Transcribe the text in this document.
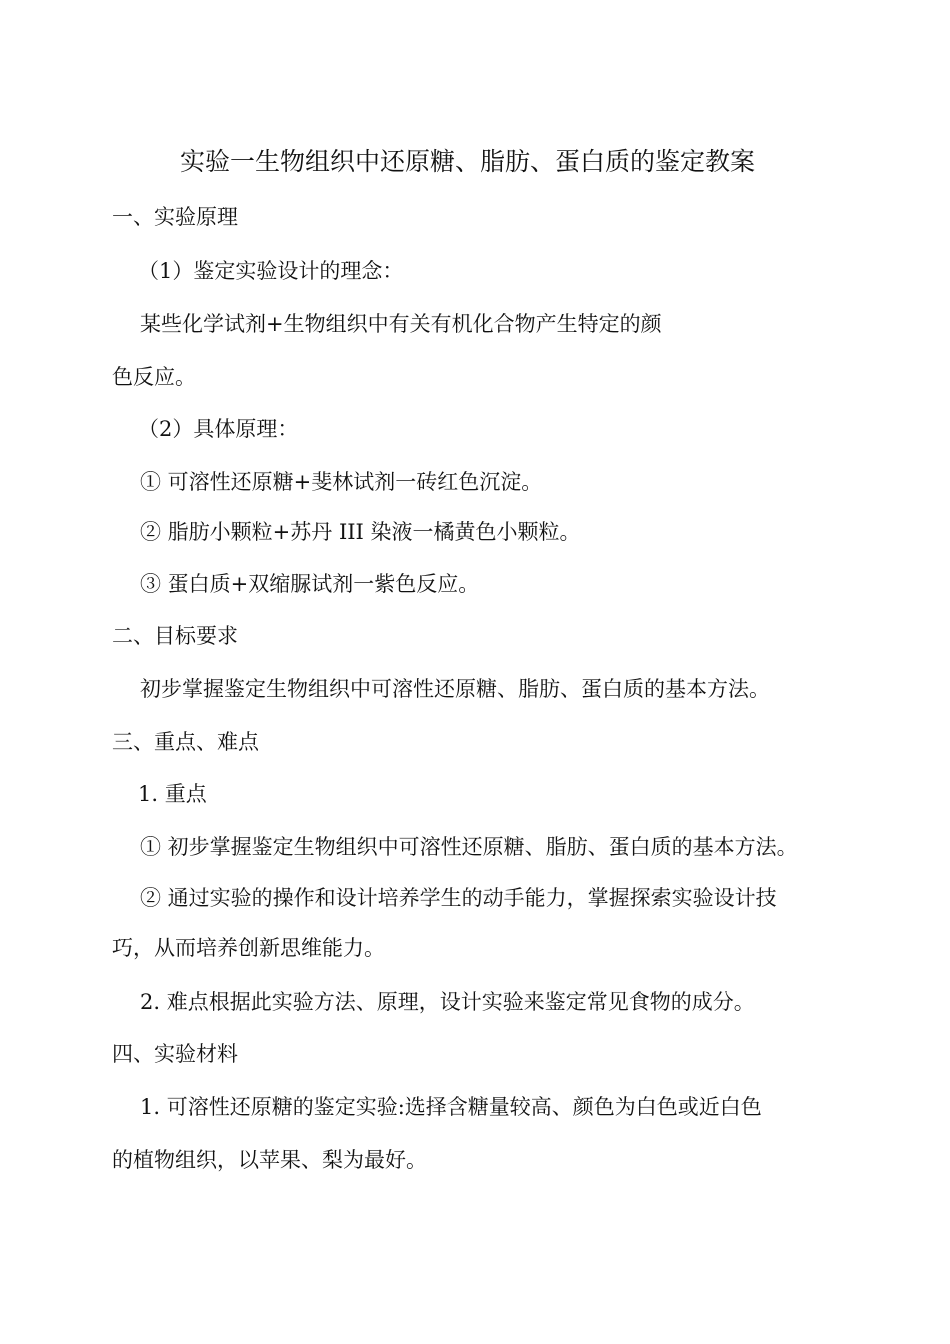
实验一生物组织中还原糖、脂肪、蛋白质的鉴定教案
一、实验原理
（1）鉴定实验设计的理念：
某些化学试剂+生物组织中有关有机化合物产生特定的颜
色反应。
（2）具体原理：
① 可溶性还原糖+斐林试剂一砖红色沉淀。
② 脂肪小颗粒+苏丹 III 染液一橘黄色小颗粒。
③ 蛋白质+双缩脲试剂一紫色反应。
二、目标要求
初步掌握鉴定生物组织中可溶性还原糖、脂肪、蛋白质的基本方法。
三、重点、难点
1. 重点
① 初步掌握鉴定生物组织中可溶性还原糖、脂肪、蛋白质的基本方法。
② 通过实验的操作和设计培养学生的动手能力，掌握探索实验设计技
巧，从而培养创新思维能力。
2. 难点根据此实验方法、原理，设计实验来鉴定常见食物的成分。
四、实验材料
1. 可溶性还原糖的鉴定实验:选择含糖量较高、颜色为白色或近白色
的植物组织，以苹果、梨为最好。
